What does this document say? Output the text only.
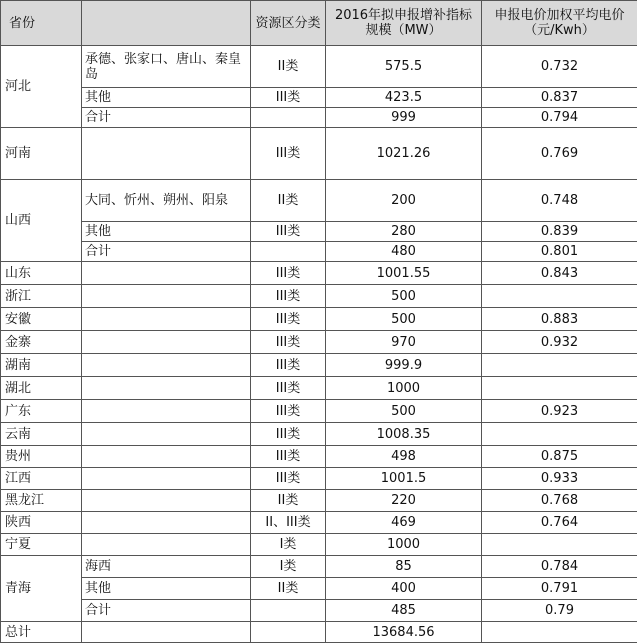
省份		资源区分类	2016年拟申报增补指标规模（MW）	申报电价加权平均电价（元/Kwh）
河北	承德、张家口、唐山、秦皇岛	II类	575.5	0.732
	其他	III类	423.5	0.837
	合计		999	0.794
河南		III类	1021.26	0.769
山西	大同、忻州、朔州、阳泉	II类	200	0.748
	其他	III类	280	0.839
	合计		480	0.801
山东		III类	1001.55	0.843
浙江		III类	500	
安徽		III类	500	0.883
金寨		III类	970	0.932
湖南		III类	999.9	
湖北		III类	1000	
广东		III类	500	0.923
云南		III类	1008.35	
贵州		III类	498	0.875
江西		III类	1001.5	0.933
黑龙江		II类	220	0.768
陕西		II、III类	469	0.764
宁夏		I类	1000	
青海	海西	I类	85	0.784
	其他	II类	400	0.791
	合计		485	0.79
总计			13684.56	
